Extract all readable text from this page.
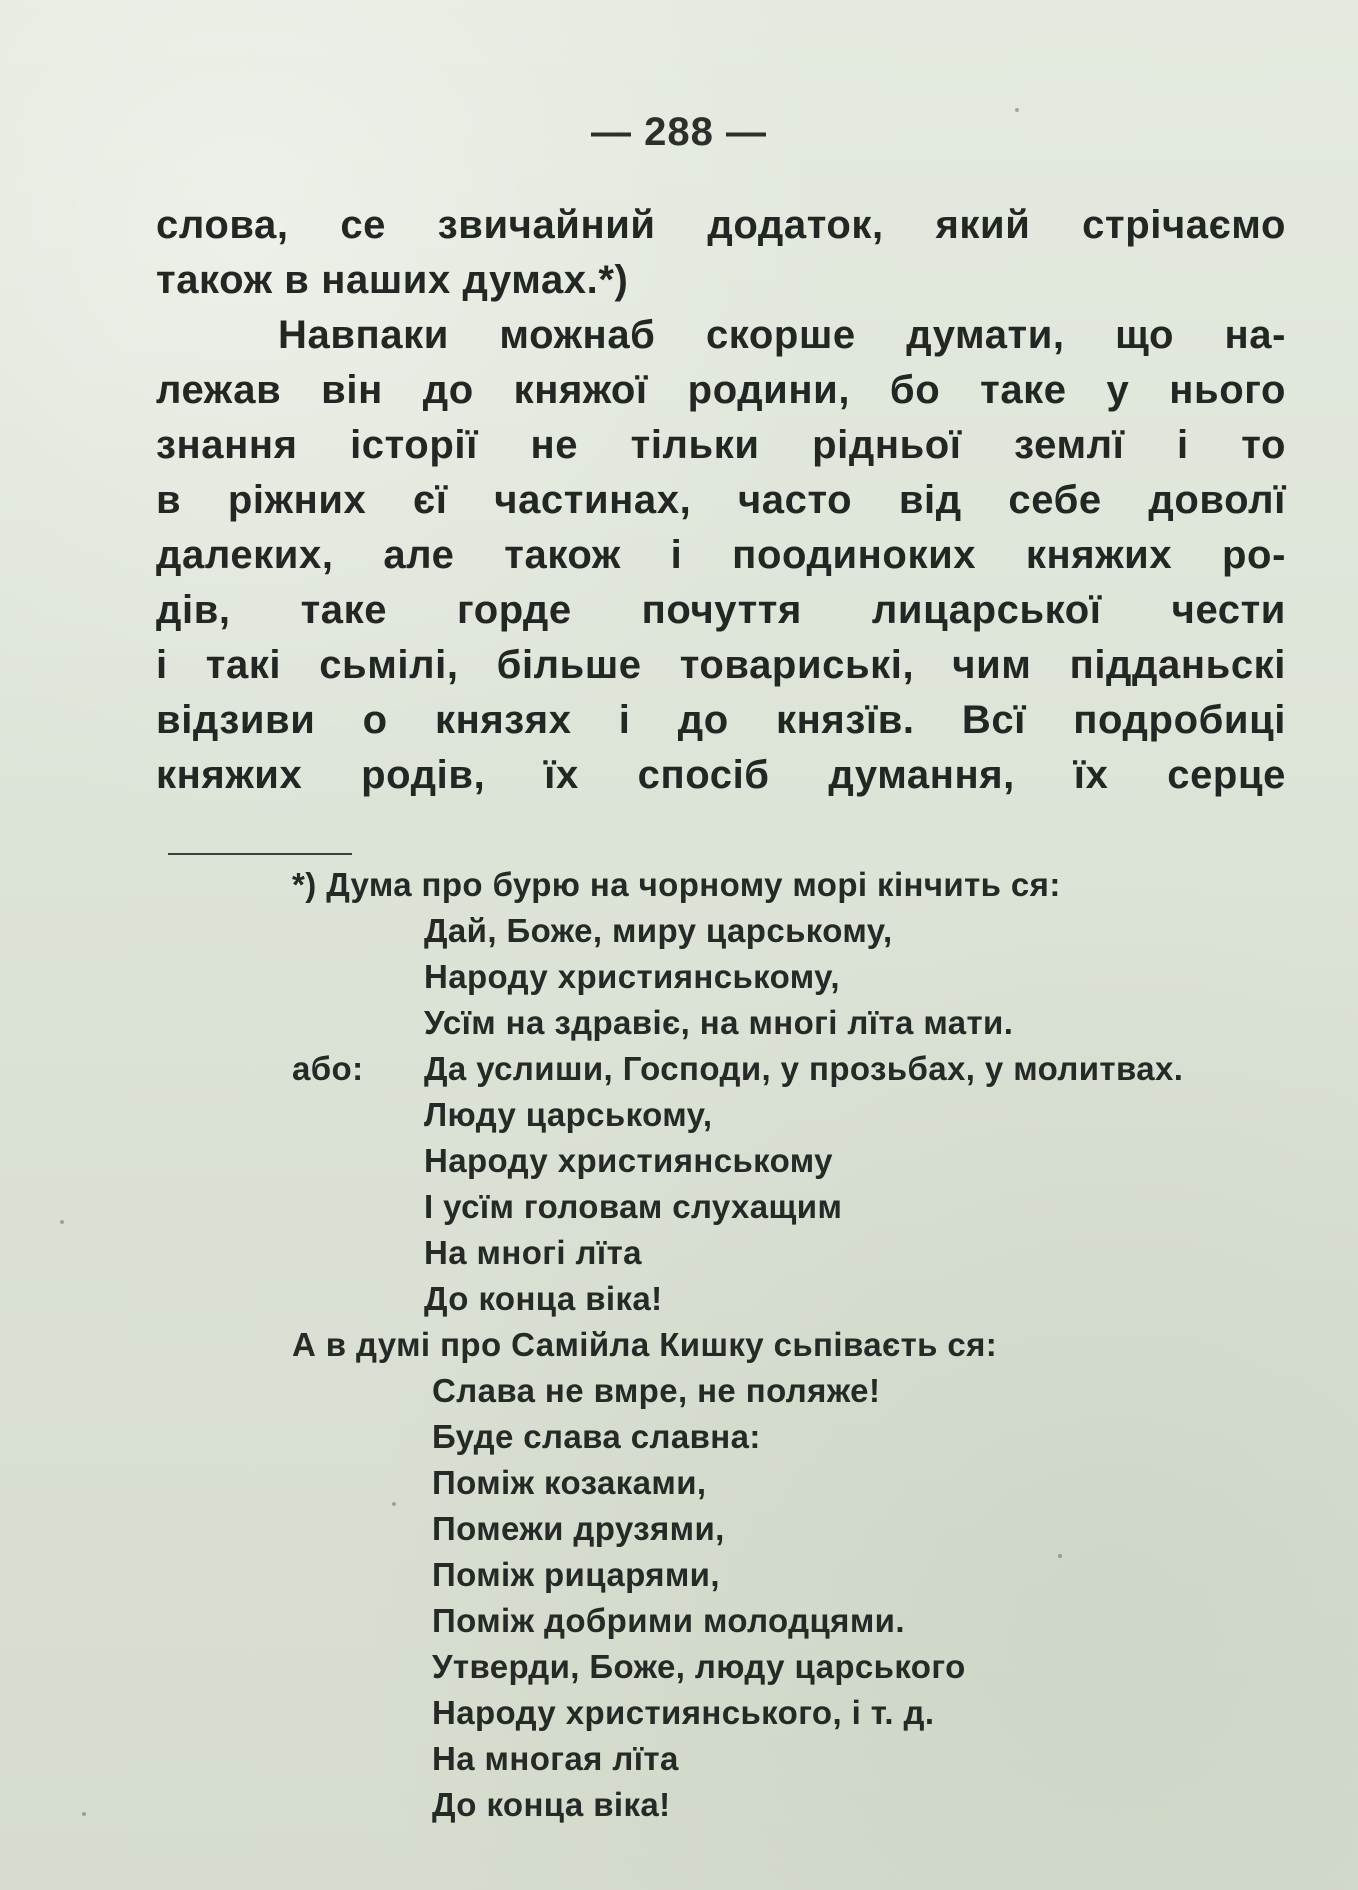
— 288 —
слова, се звичайний додаток, який стрічаємо
також в наших думах.*)
Навпаки можнаб скорше думати, що на-
лежав він до княжої родини, бо таке у нього
знання історії не тільки рідньої землї і то
в ріжних єї частинах, часто від себе доволї
далеких, але також і поодиноких княжих ро-
дів, таке горде почуття лицарської чести
і такі сьмілі, більше товариські, чим підданьскі
відзиви о князях і до князїв. Всї подробиці
княжих родів, їх спосіб думання, їх серце
*) Дума про бурю на чорному морі кінчить ся:
Дай, Боже, миру царському,
Народу християнському,
Усїм на здравіє, на многі лїта мати.
або: Да услиши, Господи, у прозьбах, у молитвах.
Люду царському,
Народу християнському
І усїм головам слухащим
На многі лїта
До конца віка!
А в думі про Самійла Кишку сьпіваєть ся:
Слава не вмре, не поляже!
Буде слава славна:
Поміж козаками,
Помежи друзями,
Поміж рицарями,
Поміж добрими молодцями.
Утверди, Боже, люду царського
Народу християнського, і т. д.
На многая лїта
До конца віка!
